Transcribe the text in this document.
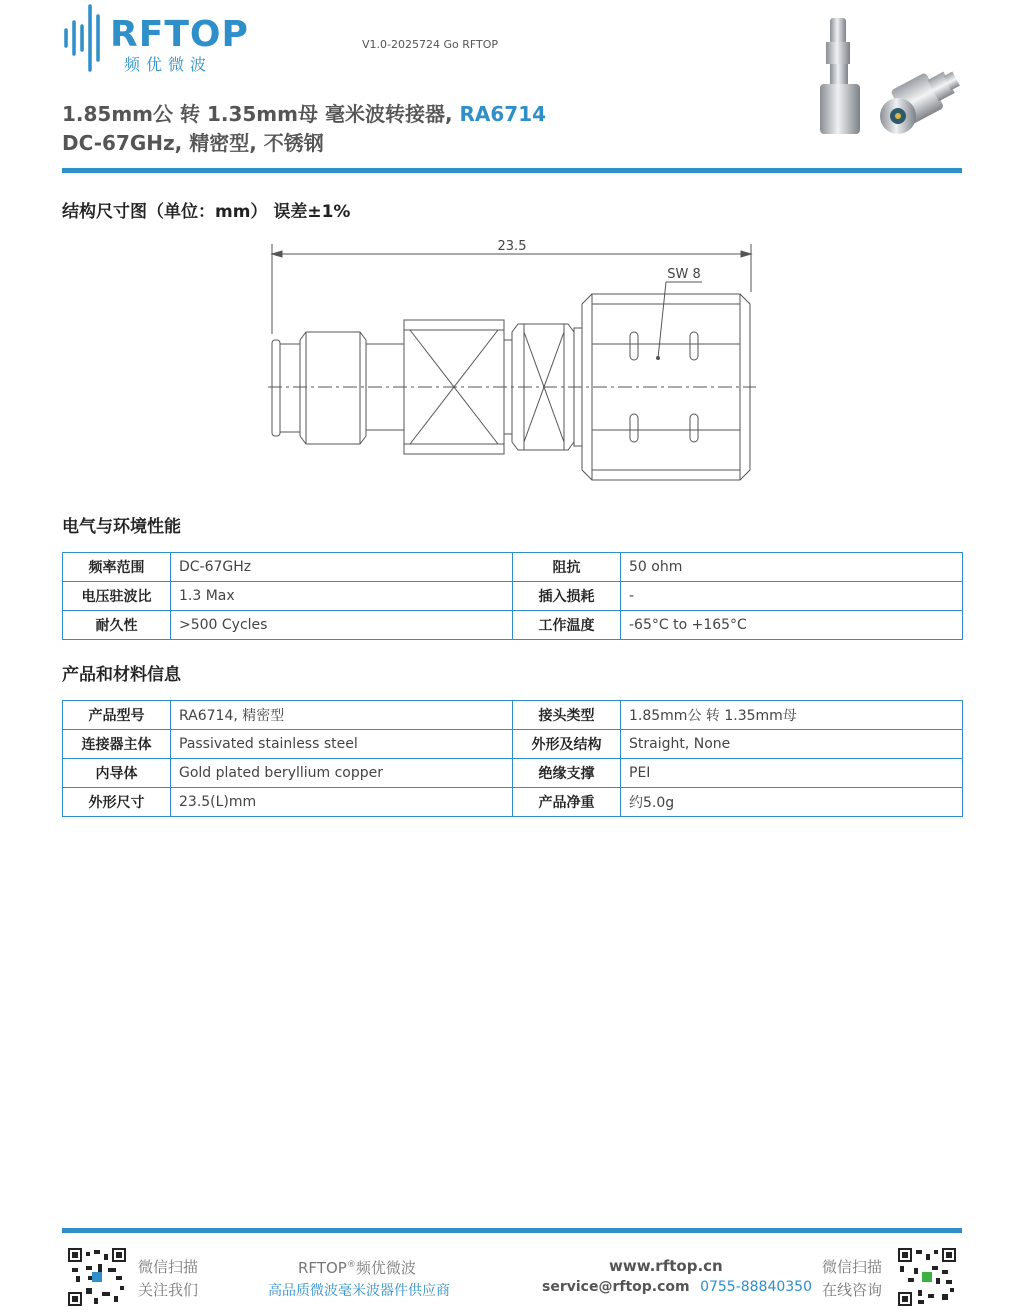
RFTOP
频优微波
V1.0-2025724 Go RFTOP
1.85mm公 转 1.35mm母 毫米波转接器, RA6714
DC-67GHz, 精密型, 不锈钢
结构尺寸图（单位：mm） 误差±1%
23.5
SW 8
电气与环境性能
频率范围	DC-67GHz	阻抗	50 ohm
电压驻波比	1.3 Max	插入损耗	-
耐久性	>500 Cycles	工作温度	-65°C to +165°C
产品和材料信息
产品型号	RA6714, 精密型	接头类型	1.85mm公 转 1.35mm母
连接器主体	Passivated stainless steel	外形及结构	Straight, None
内导体	Gold plated beryllium copper	绝缘支撑	PEI
外形尺寸	23.5(L)mm	产品净重	约5.0g
微信扫描
关注我们
RFTOP®频优微波
高品质微波毫米波器件供应商
www.rftop.cn
service@rftop.com 0755-88840350
微信扫描
在线咨询
